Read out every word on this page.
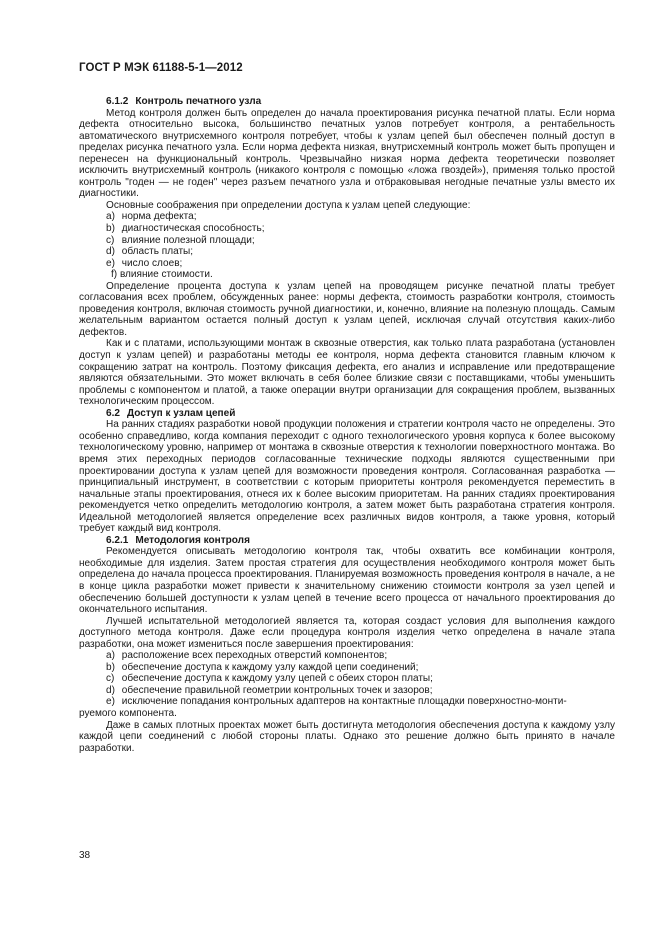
ГОСТ Р МЭК 61188-5-1—2012

6.1.2 Контроль печатного узла

Метод контроля должен быть определен до начала проектирования рисунка печатной платы. Если норма дефекта относительно высока, большинство печатных узлов потребует контроля, а рентабельность автоматического внутрисхемного контроля потребует, чтобы к узлам цепей был обеспечен полный доступ в пределах рисунка печатного узла. Если норма дефекта низкая, внутрисхемный контроль может быть пропущен и перенесен на функциональный контроль. Чрезвычайно низкая норма дефекта теоретически позволяет исключить внутрисхемный контроль (никакого контроля с помощью «ложа гвоздей»), применяя только простой контроль "годен — не годен" через разъем печатного узла и отбраковывая негодные печатные узлы вместо их диагностики.

Основные соображения при определении доступа к узлам цепей следующие:

a) норма дефекта;

b) диагностическая способность;

c) влияние полезной площади;

d) область платы;

e) число слоев;

f) влияние стоимости.

Определение процента доступа к узлам цепей на проводящем рисунке печатной платы требует согласования всех проблем, обсужденных ранее: нормы дефекта, стоимость разработки контроля, стоимость проведения контроля, включая стоимость ручной диагностики, и, конечно, влияние на полезную площадь. Самым желательным вариантом остается полный доступ к узлам цепей, исключая случай отсутствия каких-либо дефектов.

Как и с платами, использующими монтаж в сквозные отверстия, как только плата разработана (установлен доступ к узлам цепей) и разработаны методы ее контроля, норма дефекта становится главным ключом к сокращению затрат на контроль. Поэтому фиксация дефекта, его анализ и исправление или предотвращение являются обязательными. Это может включать в себя более близкие связи с поставщиками, чтобы уменьшить проблемы с компонентом и платой, а также операции внутри организации для сокращения проблем, вызванных технологическим процессом.

6.2 Доступ к узлам цепей

На ранних стадиях разработки новой продукции положения и стратегии контроля часто не определены. Это особенно справедливо, когда компания переходит с одного технологического уровня корпуса к более высокому технологическому уровню, например от монтажа в сквозные отверстия к технологии поверхностного монтажа. Во время этих переходных периодов согласованные технические подходы являются существенными при проектировании доступа к узлам цепей для возможности проведения контроля. Согласованная разработка — принципиальный инструмент, в соответствии с которым приоритеты контроля рекомендуется переместить в начальные этапы проектирования, отнеся их к более высоким приоритетам. На ранних стадиях проектирования рекомендуется четко определить методологию контроля, а затем может быть разработана стратегия контроля. Идеальной методологией является определение всех различных видов контроля, а также уровня, который требует каждый вид контроля.

6.2.1 Методология контроля

Рекомендуется описывать методологию контроля так, чтобы охватить все комбинации контроля, необходимые для изделия. Затем простая стратегия для осуществления необходимого контроля может быть определена до начала процесса проектирования. Планируемая возможность проведения контроля в начале, а не в конце цикла разработки может привести к значительному снижению стоимости контроля за узел цепей и обеспечению большей доступности к узлам цепей в течение всего процесса от начального проектирования до окончательного испытания.

Лучшей испытательной методологией является та, которая создаст условия для выполнения каждого доступного метода контроля. Даже если процедура контроля изделия четко определена в начале этапа разработки, она может измениться после завершения проектирования:

a) расположение всех переходных отверстий компонентов;

b) обеспечение доступа к каждому узлу каждой цепи соединений;

c) обеспечение доступа к каждому узлу цепей с обеих сторон платы;

d) обеспечение правильной геометрии контрольных точек и зазоров;

e) исключение попадания контрольных адаптеров на контактные площадки поверхностно-монти-

руемого компонента.

Даже в самых плотных проектах может быть достигнута методология обеспечения доступа к каждому узлу каждой цепи соединений с любой стороны платы. Однако это решение должно быть принято в начале разработки.

38
